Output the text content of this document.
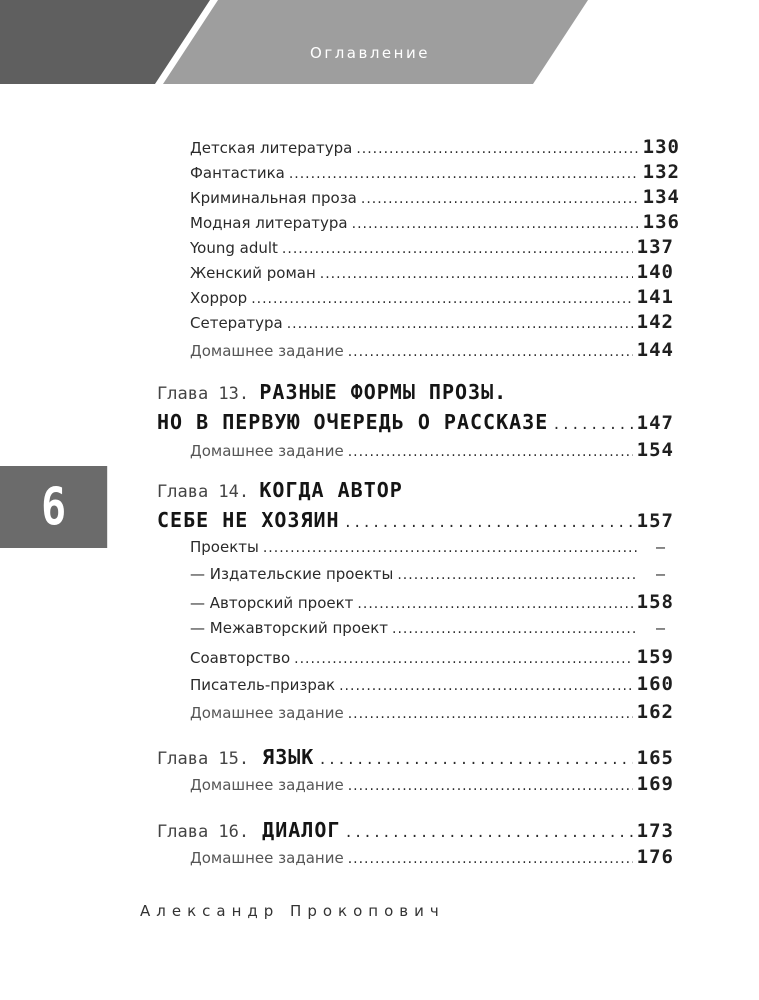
Оглавление
6
Детская литература .....	130
Фантастика .....	132
Криминальная проза .....	134
Модная литература .....	136
Young adult .....	137
Женский роман .....	140
Хоррор .....	141
Сетература .....	142
Домашнее задание .....	144
Глава 13. РАЗНЫЕ ФОРМЫ ПРОЗЫ.
НО В ПЕРВУЮ ОЧЕРЕДЬ О РАССКАЗЕ .....	147
Домашнее задание .....	154
Глава 14. КОГДА АВТОР
СЕБЕ НЕ ХОЗЯИН .....	157
Проекты .....	—
— Издательские проекты .....	—
— Авторский проект .....	158
— Межавторский проект .....	—
Соавторство .....	159
Писатель-призрак .....	160
Домашнее задание .....	162
Глава 15. ЯЗЫК .....	165
Домашнее задание .....	169
Глава 16. ДИАЛОГ .....	173
Домашнее задание .....	176
Александр Прокопович
